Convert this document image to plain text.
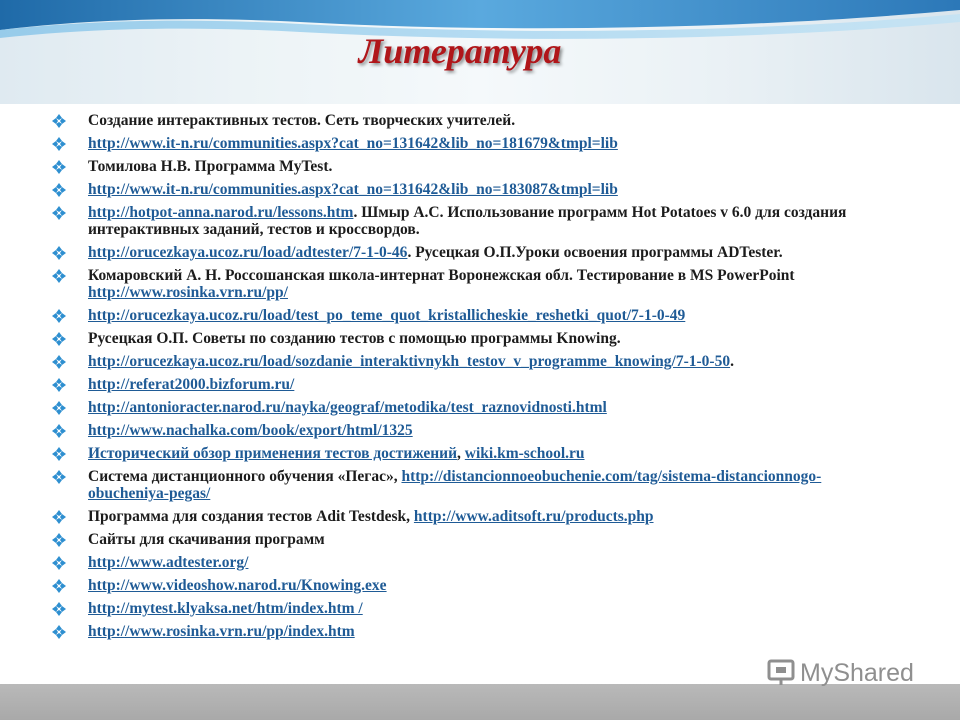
Литература
Создание интерактивных тестов. Сеть творческих учителей.
http://www.it-n.ru/communities.aspx?cat_no=131642&lib_no=181679&tmpl=lib
Томилова Н.В. Программа MyTest.
http://www.it-n.ru/communities.aspx?cat_no=131642&lib_no=183087&tmpl=lib
http://hotpot-anna.narod.ru/lessons.htm. Шмыр А.С. Использование программ Hot Potatoes v 6.0 для создания интерактивных заданий, тестов и кроссвордов.
http://orucezkaya.ucoz.ru/load/adtester/7-1-0-46. Русецкая О.П.Уроки освоения программы ADTester.
Комаровский А. Н. Россошанская школа-интернат Воронежская обл. Тестирование в MS PowerPoint http://www.rosinka.vrn.ru/pp/
http://orucezkaya.ucoz.ru/load/test_po_teme_quot_kristallicheskie_reshetki_quot/7-1-0-49
Русецкая О.П. Советы по созданию тестов с помощью программы Knowing.
http://orucezkaya.ucoz.ru/load/sozdanie_interaktivnykh_testov_v_programme_knowing/7-1-0-50.
http://referat2000.bizforum.ru/
http://antonioracter.narod.ru/nayka/geograf/metodika/test_raznovidnosti.html
http://www.nachalka.com/book/export/html/1325
Исторический обзор применения тестов достижений, wiki.km-school.ru
Система дистанционного обучения «Пегас», http://distancionnoeobuchenie.com/tag/sistema-distancionnogo-obucheniya-pegas/
Программа для создания тестов Adit Testdesk, http://www.aditsoft.ru/products.php
Сайты для скачивания программ
http://www.adtester.org/
http://www.videoshow.narod.ru/Knowing.exe
http://mytest.klyaksa.net/htm/index.htm /
http://www.rosinka.vrn.ru/pp/index.htm
MyShared
